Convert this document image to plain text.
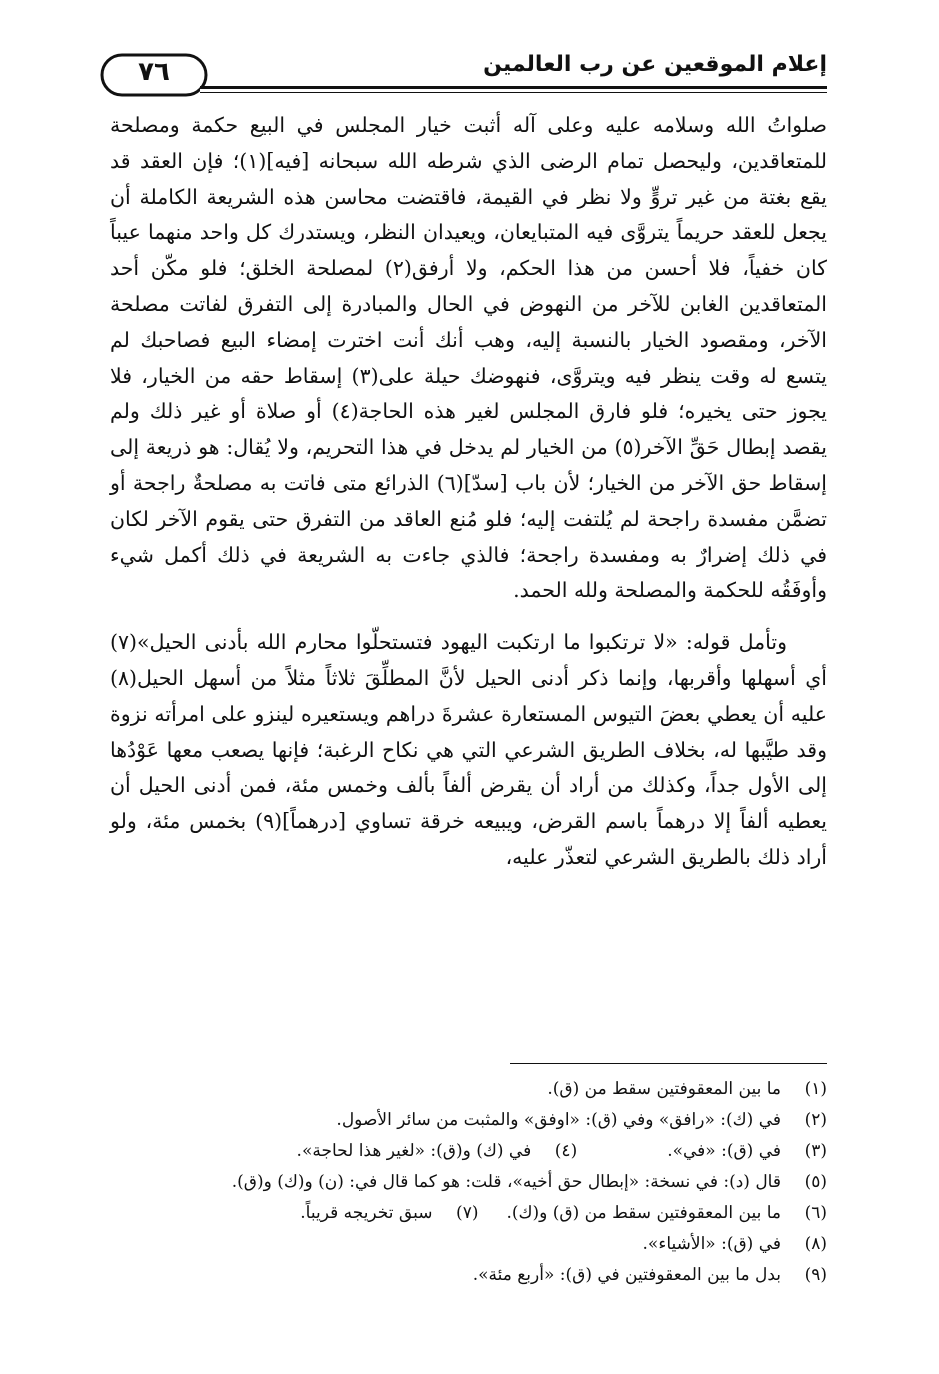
٧٦	إعلام الموقعين عن رب العالمين

صلواتُ الله وسلامه عليه وعلى آله أثبت خيار المجلس في البيع حكمة ومصلحة للمتعاقدين، وليحصل تمام الرضى الذي شرطه الله سبحانه [فيه](١)؛ فإن العقد قد يقع بغتة من غير تروٍّ ولا نظر في القيمة، فاقتضت محاسن هذه الشريعة الكاملة أن يجعل للعقد حريماً يتروَّى فيه المتبايعان، ويعيدان النظر، ويستدرك كل واحد منهما عيباً كان خفياً، فلا أحسن من هذا الحكم، ولا أرفق(٢) لمصلحة الخلق؛ فلو مكّن أحد المتعاقدين الغابن للآخر من النهوض في الحال والمبادرة إلى التفرق لفاتت مصلحة الآخر، ومقصود الخيار بالنسبة إليه، وهب أنك أنت اخترت إمضاء البيع فصاحبك لم يتسع له وقت ينظر فيه ويتروَّى، فنهوضك حيلة على(٣) إسقاط حقه من الخيار، فلا يجوز حتى يخيره؛ فلو فارق المجلس لغير هذه الحاجة(٤) أو صلاة أو غير ذلك ولم يقصد إبطال حَقِّ الآخر(٥) من الخيار لم يدخل في هذا التحريم، ولا يُقال: هو ذريعة إلى إسقاط حق الآخر من الخيار؛ لأن باب [سدّ](٦) الذرائع متى فاتت به مصلحةٌ راجحة أو تضمَّن مفسدة راجحة لم يُلتفت إليه؛ فلو مُنع العاقد من التفرق حتى يقوم الآخر لكان في ذلك إضرارٌ به ومفسدة راجحة؛ فالذي جاءت به الشريعة في ذلك أكمل شيء وأوفَقُه للحكمة والمصلحة ولله الحمد.

وتأمل قوله: «لا ترتكبوا ما ارتكبت اليهود فتستحلّوا محارم الله بأدنى الحيل»(٧) أي أسهلها وأقربها، وإنما ذكر أدنى الحيل لأنَّ المطلِّقَ ثلاثاً مثلاً من أسهل الحيل(٨) عليه أن يعطي بعضَ التيوس المستعارة عشرةَ دراهم ويستعيره لينزو على امرأته نزوة وقد طيَّبها له، بخلاف الطريق الشرعي التي هي نكاح الرغبة؛ فإنها يصعب معها عَوْدُها إلى الأول جداً، وكذلك من أراد أن يقرض ألفاً بألف وخمس مئة، فمن أدنى الحيل أن يعطيه ألفاً إلا درهماً باسم القرض، ويبيعه خرقة تساوي [درهماً](٩) بخمس مئة، ولو أراد ذلك بالطريق الشرعي لتعذّر عليه،

(١)
ما بين المعقوفتين سقط من (ق).
(٢)
في (ك): «رافق» وفي (ق): «اوفق» والمثبت من سائر الأصول.
(٣)
في (ق): «في».
(٤)
في (ك) و(ق): «لغير هذا لحاجة».
(٥)
قال (د): في نسخة: «إبطال حق أخيه»، قلت: هو كما قال في: (ن) و(ك) و(ق).
(٦)
ما بين المعقوفتين سقط من (ق) و(ك).
(٧)
سبق تخريجه قريباً.
(٨)
في (ق): «الأشياء».
(٩)
بدل ما بين المعقوفتين في (ق): «أربع مئة».
